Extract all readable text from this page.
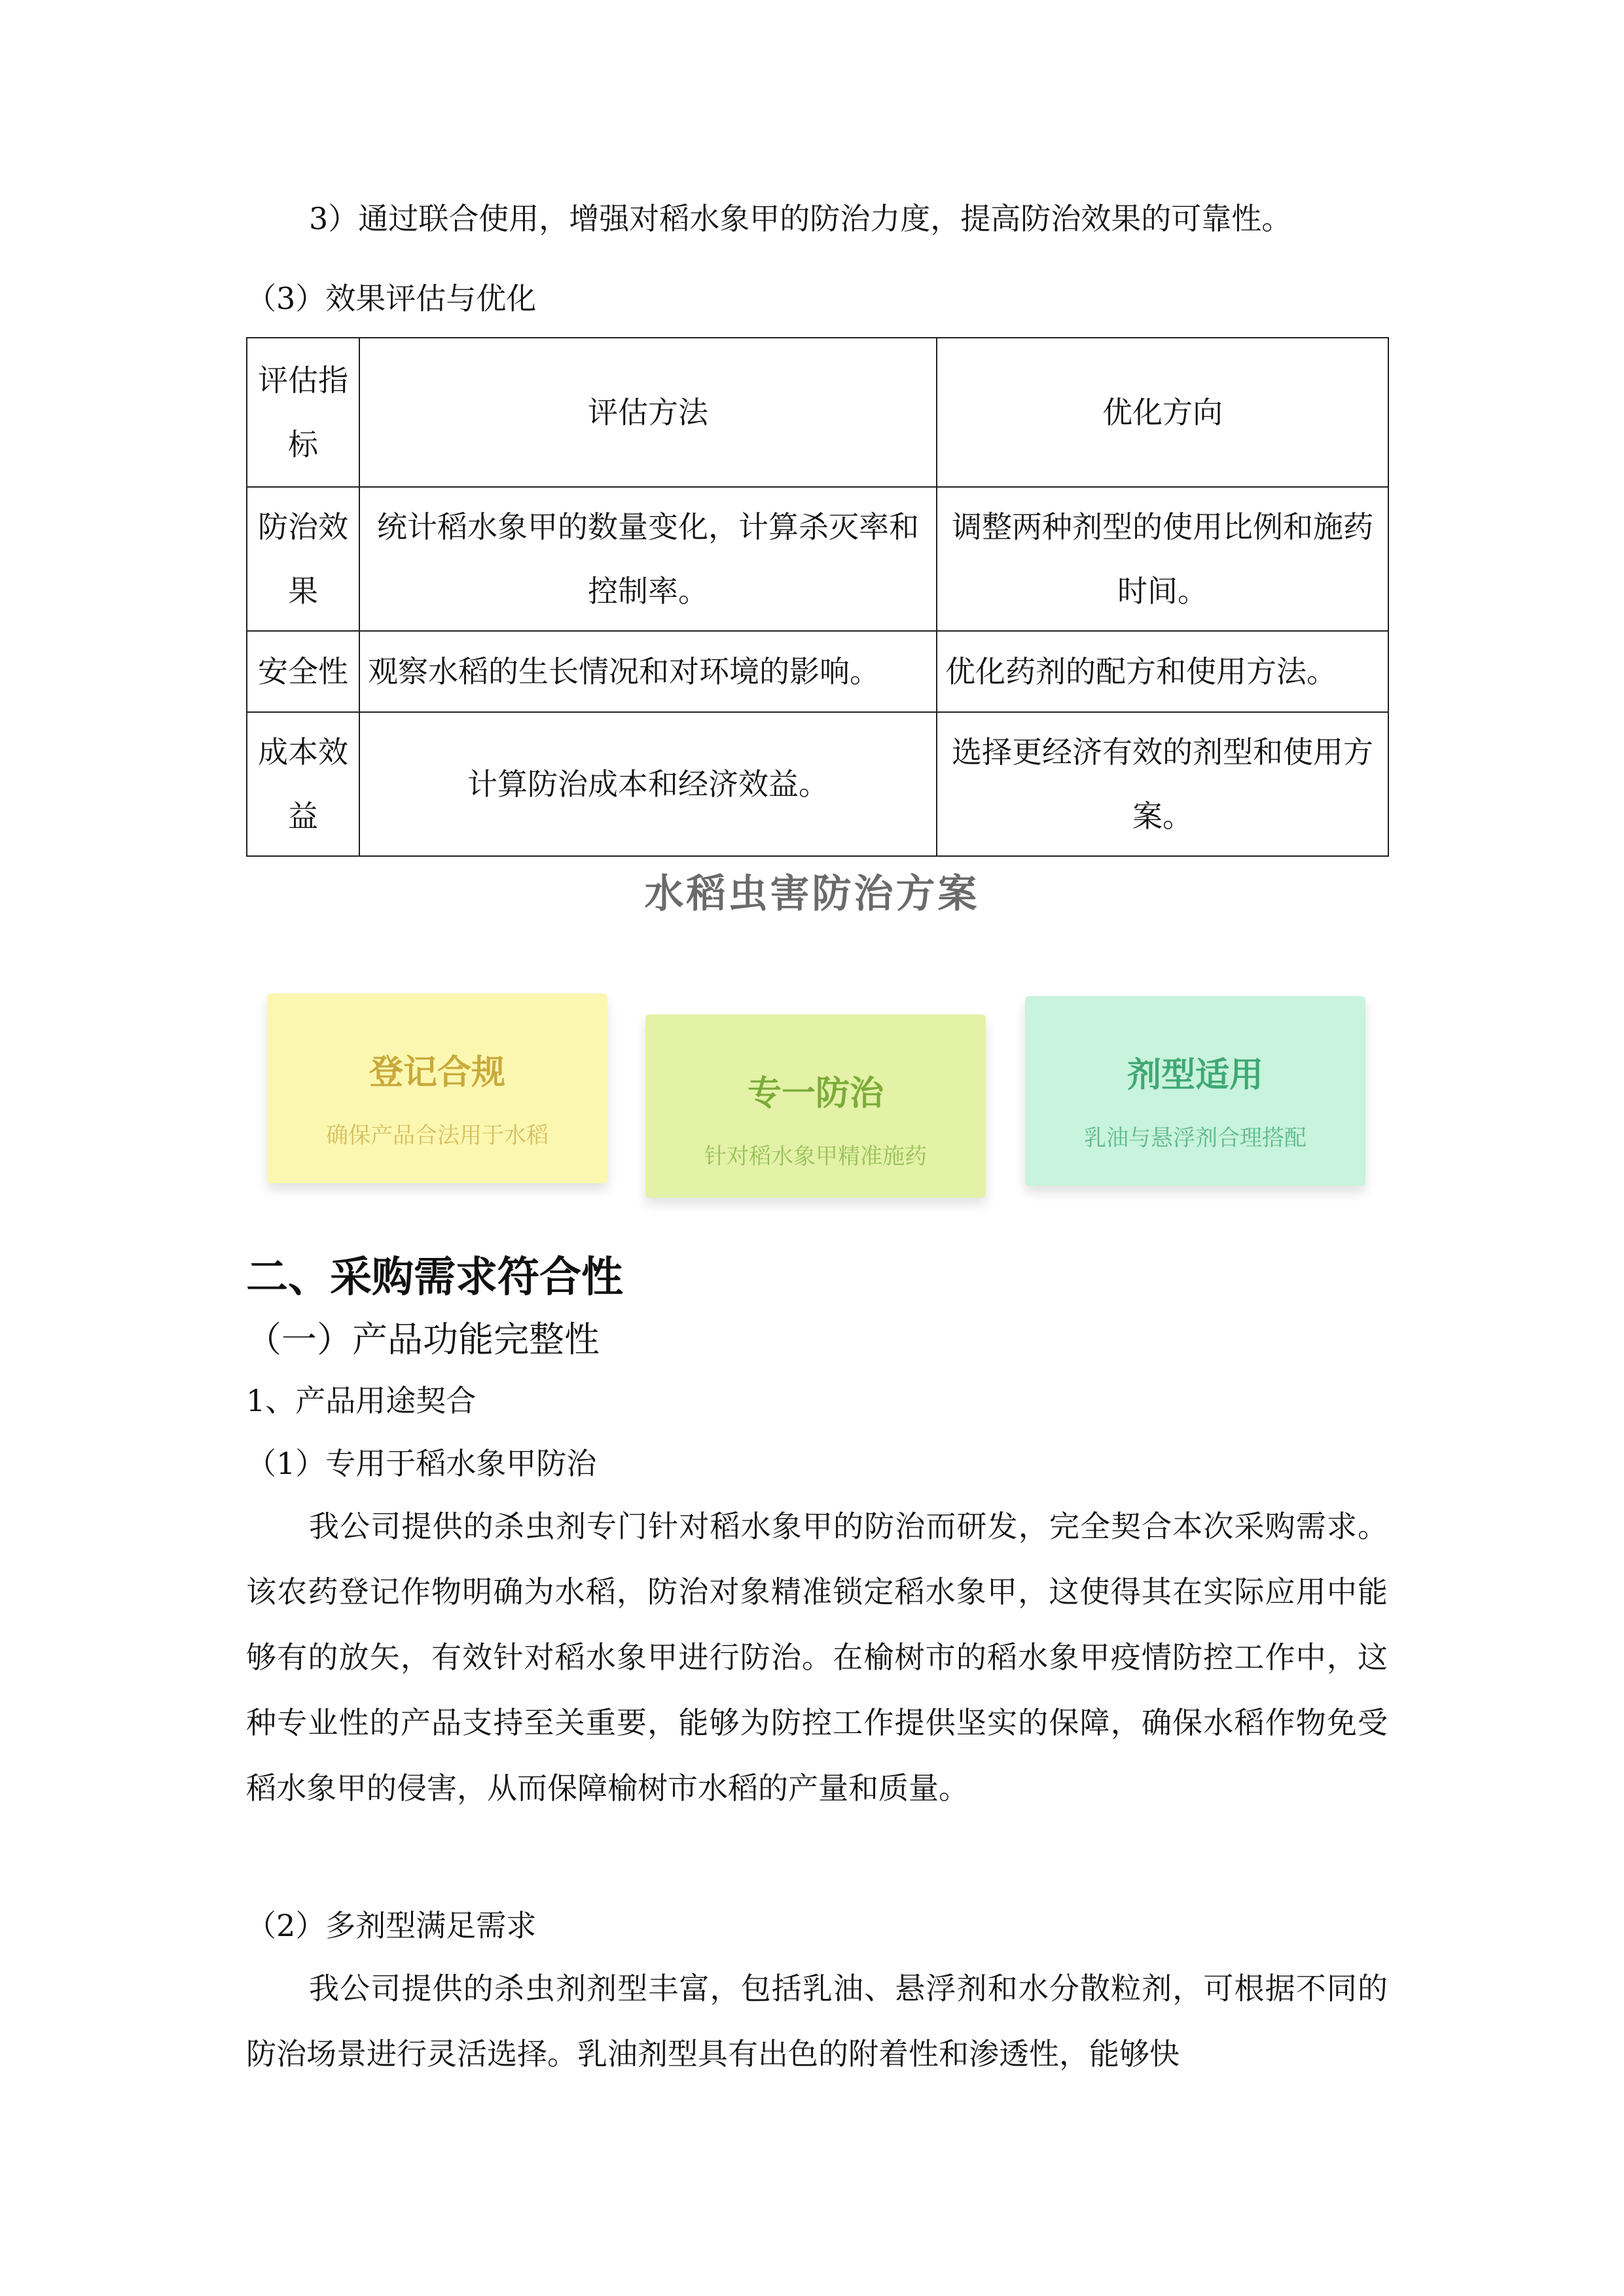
3）通过联合使用，增强对稻水象甲的防治力度，提高防治效果的可靠性。

（3）效果评估与优化

评估指标	评估方法	优化方向
防治效果	统计稻水象甲的数量变化，计算杀灭率和控制率。	调整两种剂型的使用比例和施药时间。
安全性	观察水稻的生长情况和对环境的影响。	优化药剂的配方和使用方法。
成本效益	计算防治成本和经济效益。	选择更经济有效的剂型和使用方案。
水稻虫害防治方案
登记合规
确保产品合法用于水稻
专一防治
针对稻水象甲精准施药
剂型适用
乳油与悬浮剂合理搭配
二、采购需求符合性
（一）产品功能完整性

1、产品用途契合

（1）专用于稻水象甲防治

我公司提供的杀虫剂专门针对稻水象甲的防治而研发，完全契合本次采购需求。该农药登记作物明确为水稻，防治对象精准锁定稻水象甲，这使得其在实际应用中能够有的放矢，有效针对稻水象甲进行防治。在榆树市的稻水象甲疫情防控工作中，这种专业性的产品支持至关重要，能够为防控工作提供坚实的保障，确保水稻作物免受稻水象甲的侵害，从而保障榆树市水稻的产量和质量。

（2）多剂型满足需求

我公司提供的杀虫剂剂型丰富，包括乳油、悬浮剂和水分散粒剂，可根据不同的防治场景进行灵活选择。乳油剂型具有出色的附着性和渗透性，能够快
